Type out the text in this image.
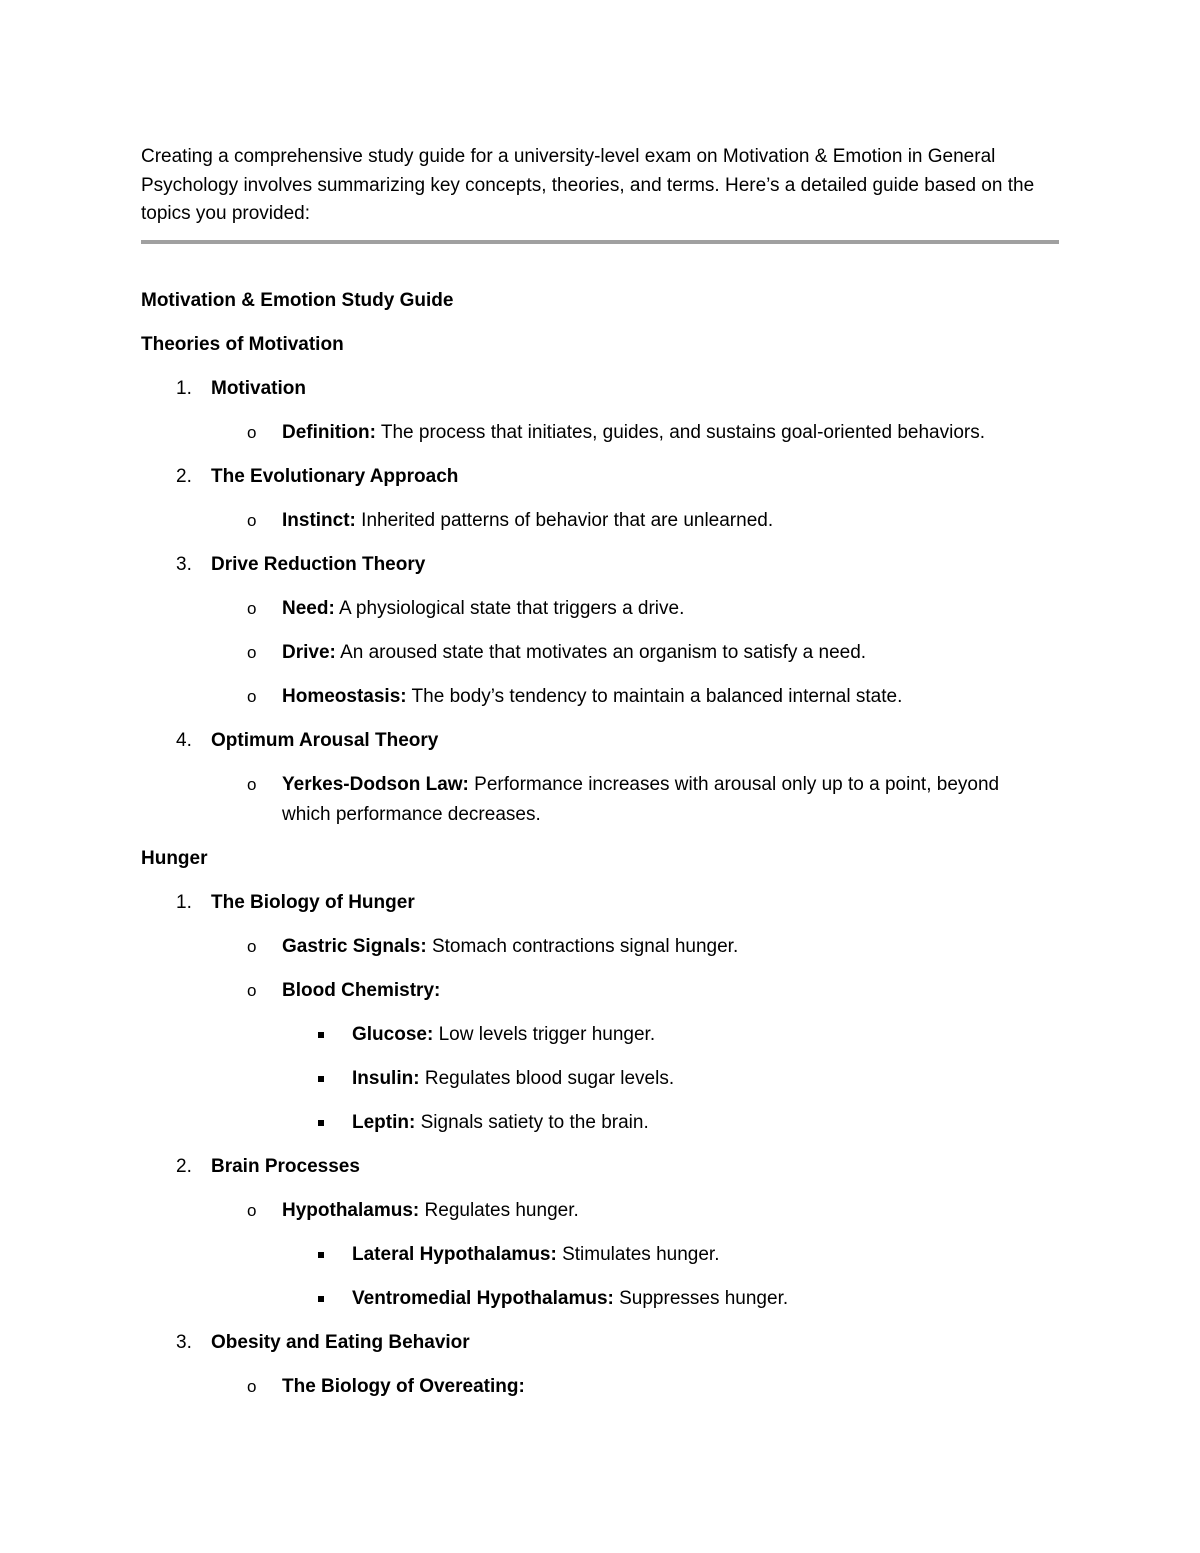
Creating a comprehensive study guide for a university-level exam on Motivation & Emotion in General Psychology involves summarizing key concepts, theories, and terms. Here’s a detailed guide based on the topics you provided:

Motivation & Emotion Study Guide
Theories of Motivation
1. Motivation
o Definition: The process that initiates, guides, and sustains goal-oriented behaviors.
2. The Evolutionary Approach
o Instinct: Inherited patterns of behavior that are unlearned.
3. Drive Reduction Theory
o Need: A physiological state that triggers a drive.
o Drive: An aroused state that motivates an organism to satisfy a need.
o Homeostasis: The body’s tendency to maintain a balanced internal state.
4. Optimum Arousal Theory
o Yerkes-Dodson Law: Performance increases with arousal only up to a point, beyond which performance decreases.
Hunger
1. The Biology of Hunger
o Gastric Signals: Stomach contractions signal hunger.
o Blood Chemistry:
Glucose: Low levels trigger hunger.
Insulin: Regulates blood sugar levels.
Leptin: Signals satiety to the brain.
2. Brain Processes
o Hypothalamus: Regulates hunger.
Lateral Hypothalamus: Stimulates hunger.
Ventromedial Hypothalamus: Suppresses hunger.
3. Obesity and Eating Behavior
o The Biology of Overeating:
